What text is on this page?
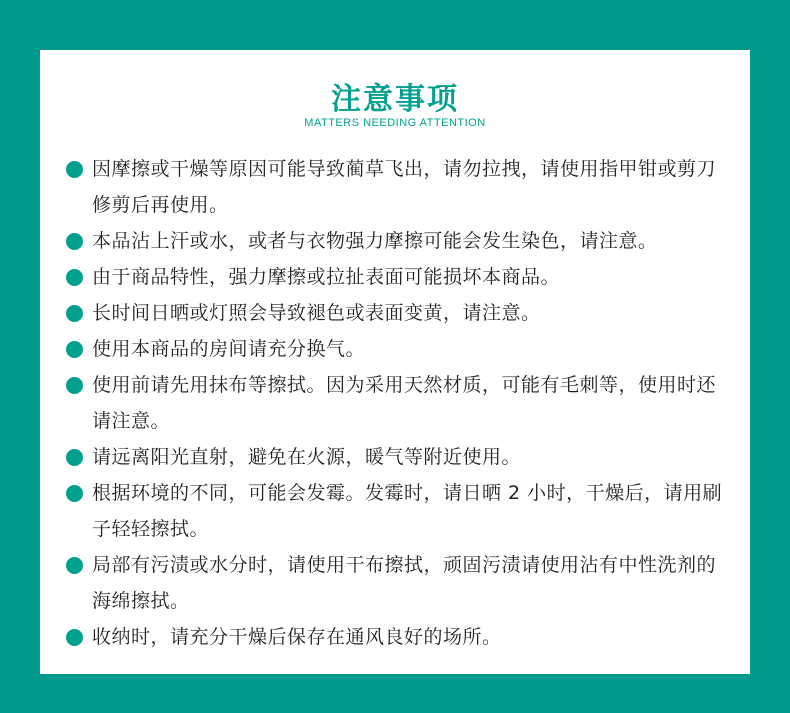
注意事项
MATTERS NEEDING ATTENTION
因摩擦或干燥等原因可能导致蔺草飞出，请勿拉拽，请使用指甲钳或剪刀修剪后再使用。
本品沾上汗或水，或者与衣物强力摩擦可能会发生染色，请注意。
由于商品特性，强力摩擦或拉扯表面可能损坏本商品。
长时间日晒或灯照会导致褪色或表面变黄，请注意。
使用本商品的房间请充分换气。
使用前请先用抹布等擦拭。因为采用天然材质，可能有毛刺等，使用时还请注意。
请远离阳光直射，避免在火源，暖气等附近使用。
根据环境的不同，可能会发霉。发霉时，请日晒 2 小时，干燥后，请用刷子轻轻擦拭。
局部有污渍或水分时，请使用干布擦拭，顽固污渍请使用沾有中性洗剂的海绵擦拭。
收纳时，请充分干燥后保存在通风良好的场所。
